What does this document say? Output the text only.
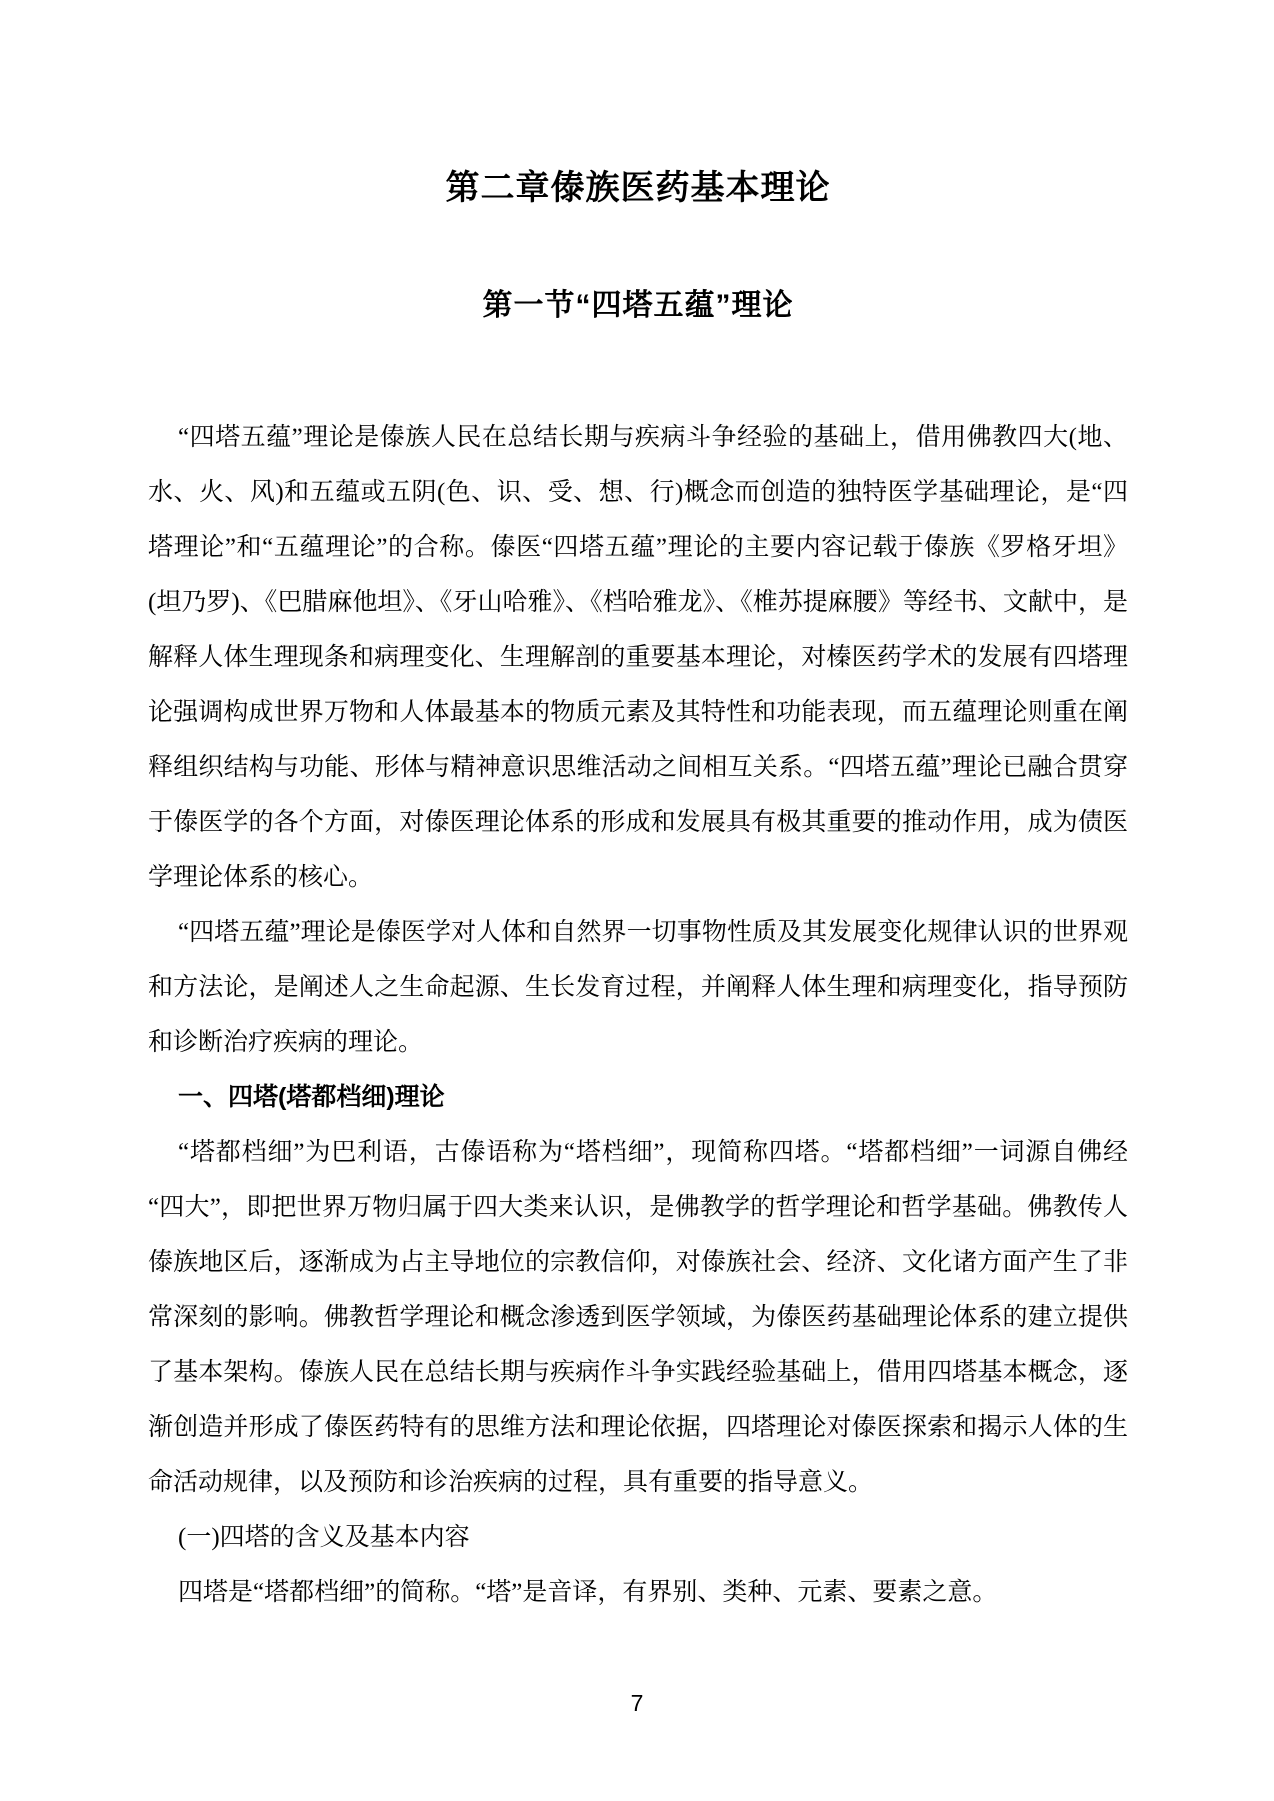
第二章傣族医药基本理论
第一节“四塔五蕴”理论

“四塔五蕴”理论是傣族人民在总结长期与疾病斗争经验的基础上，借用佛教四大(地、水、火、风)和五蕴或五阴(色、识、受、想、行)概念而创造的独特医学基础理论，是“四塔理论”和“五蕴理论”的合称。傣医“四塔五蕴”理论的主要内容记载于傣族《罗格牙坦》(坦乃罗)、《巴腊麻他坦》、《牙山哈雅》、《档哈雅龙》、《椎苏提麻腰》等经书、文献中，是解释人体生理现条和病理变化、生理解剖的重要基本理论，对榛医药学术的发展有四塔理论强调构成世界万物和人体最基本的物质元素及其特性和功能表现，而五蕴理论则重在阐释组织结构与功能、形体与精神意识思维活动之间相互关系。“四塔五蕴”理论已融合贯穿于傣医学的各个方面，对傣医理论体系的形成和发展具有极其重要的推动作用，成为债医学理论体系的核心。

“四塔五蕴”理论是傣医学对人体和自然界一切事物性质及其发展变化规律认识的世界观和方法论，是阐述人之生命起源、生长发育过程，并阐释人体生理和病理变化，指导预防和诊断治疗疾病的理论。

一、四塔(塔都档细)理论

“塔都档细”为巴利语，古傣语称为“塔档细”，现简称四塔。“塔都档细”一词源自佛经“四大”，即把世界万物归属于四大类来认识，是佛教学的哲学理论和哲学基础。佛教传人傣族地区后，逐渐成为占主导地位的宗教信仰，对傣族社会、经济、文化诸方面产生了非常深刻的影响。佛教哲学理论和概念渗透到医学领域，为傣医药基础理论体系的建立提供了基本架构。傣族人民在总结长期与疾病作斗争实践经验基础上，借用四塔基本概念，逐渐创造并形成了傣医药特有的思维方法和理论依据，四塔理论对傣医探索和揭示人体的生命活动规律，以及预防和诊治疾病的过程，具有重要的指导意义。

(一)四塔的含义及基本内容

四塔是“塔都档细”的简称。“塔”是音译，有界别、类种、元素、要素之意。

7
